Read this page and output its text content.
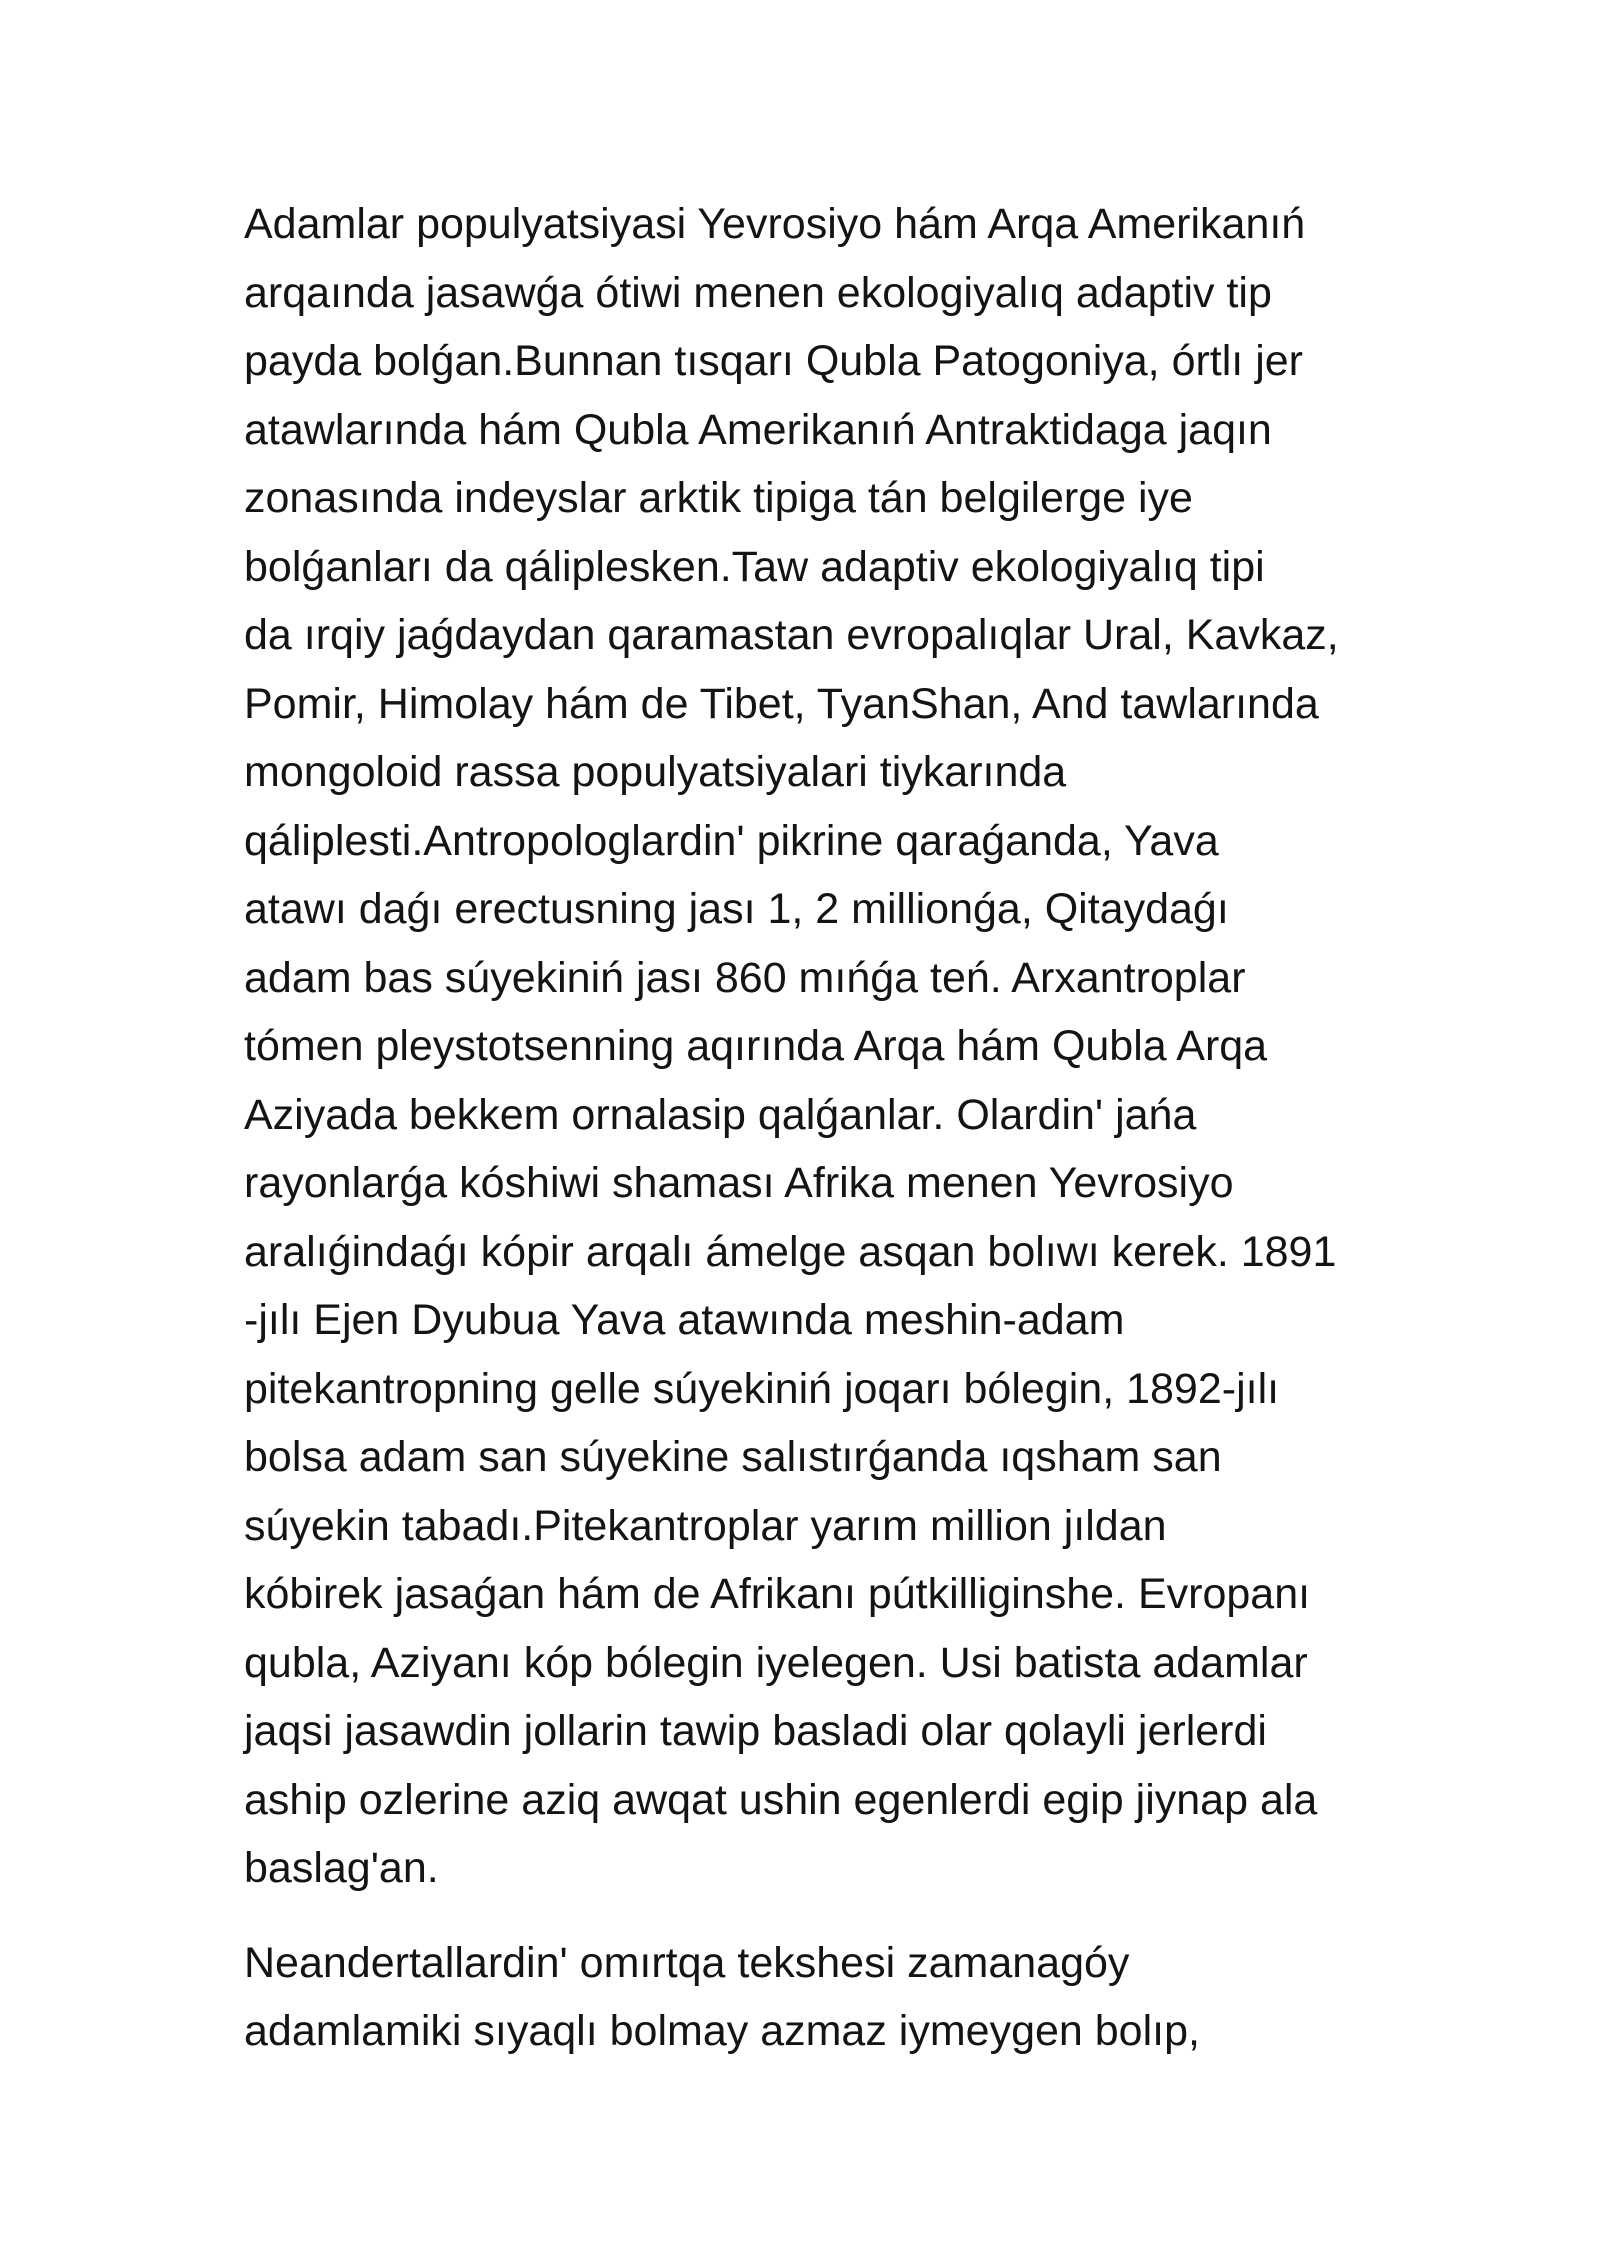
Adamlar populyatsiyasi Yevrosiyo hám Arqa Amerikanıń
arqaında jasawǵa ótiwi menen ekologiyalıq adaptiv tip
payda bolǵan.Bunnan tısqarı Qubla Patogoniya, órtlı jer
atawlarında hám Qubla Amerikanıń Antraktidaga jaqın
zonasında indeyslar arktik tipiga tán belgilerge iye
bolǵanları da qáliplesken.Taw adaptiv ekologiyalıq tipi
da ırqiy jaǵdaydan qaramastan evropalıqlar Ural, Kavkaz,
Pomir, Himolay hám de Tibet, TyanShan, And tawlarında
mongoloid rassa populyatsiyalari tiykarında
qáliplesti.Antropologlardin' pikrine qaraǵanda, Yava
atawı daǵı erectusning jası 1, 2 millionǵa, Qitaydaǵı
adam bas súyekiniń jası 860 mıńǵa teń. Arxantroplar
tómen pleystotsenning aqırında Arqa hám Qubla Arqa
Aziyada bekkem ornalasip qalǵanlar. Olardin' jańa
rayonlarǵa kóshiwi shaması Afrika menen Yevrosiyo
aralıǵindaǵı kópir arqalı ámelge asqan bolıwı kerek. 1891
-jılı Ejen Dyubua Yava atawında meshin-adam
pitekantropning gelle súyekiniń joqarı bólegin, 1892-jılı
bolsa adam san súyekine salıstırǵanda ıqsham san
súyekin tabadı.Pitekantroplar yarım million jıldan
kóbirek jasaǵan hám de Afrikanı pútkilliginshe. Evropanı
qubla, Aziyanı kóp bólegin iyelegen. Usi batista adamlar
jaqsi jasawdin jollarin tawip basladi olar qolayli jerlerdi
aship ozlerine aziq awqat ushin egenlerdi egip jiynap ala
baslag'an.

Neandertallardin' omırtqa tekshesi zamanagóy
adamlamiki sıyaqlı bolmay azmaz iymeygen bolıp,
